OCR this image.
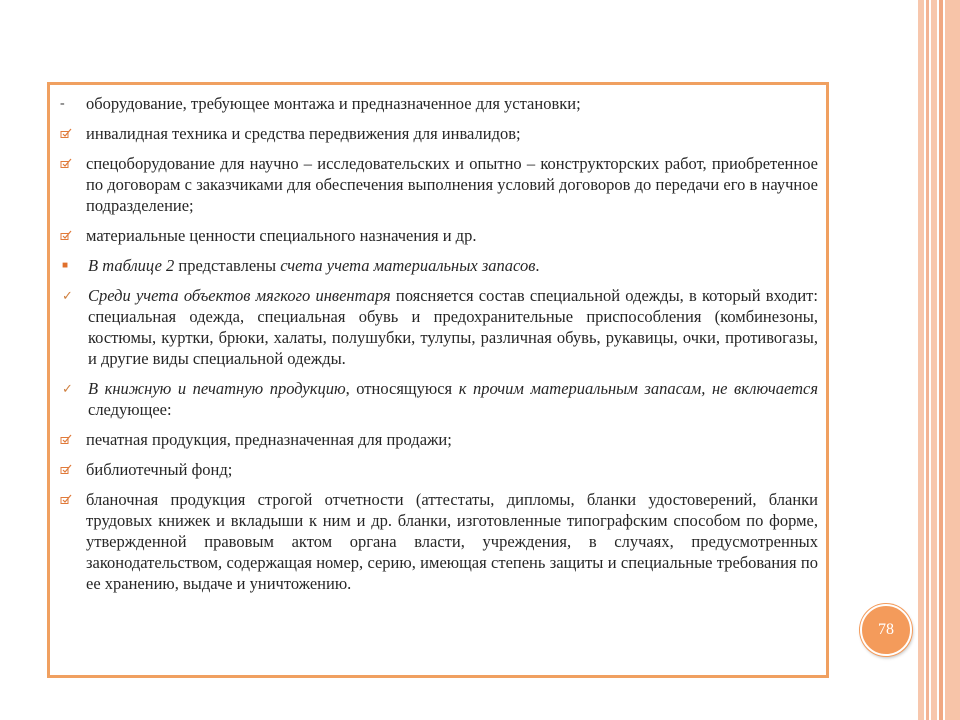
-	оборудование, требующее монтажа и предназначенное для установки;
инвалидная техника и средства передвижения для инвалидов;
спецоборудование для научно – исследовательских и опытно – конструкторских работ, приобретенное по договорам с заказчиками для обеспечения выполнения условий договоров до передачи его в научное подразделение;
материальные ценности специального назначения и др.
■	В таблице 2 представлены счета учета материальных запасов.
✓ Среди учета объектов мягкого инвентаря поясняется состав специальной одежды, в который входит: специальная одежда, специальная обувь и предохранительные приспособления (комбинезоны, костюмы, куртки, брюки, халаты, полушубки, тулупы, различная обувь, рукавицы, очки, противогазы, и другие виды специальной одежды.
✓ В книжную и печатную продукцию, относящуюся к прочим материальным запасам, не включается следующее:
печатная продукция, предназначенная для продажи;
библиотечный фонд;
бланочная продукция строгой отчетности (аттестаты, дипломы, бланки удостоверений, бланки трудовых книжек и вкладыши к ним и др. бланки, изготовленные типографским способом по форме, утвержденной правовым актом органа власти, учреждения, в случаях, предусмотренных законодательством, содержащая номер, серию, имеющая степень защиты и специальные требования по ее хранению, выдаче и уничтожению.
78
